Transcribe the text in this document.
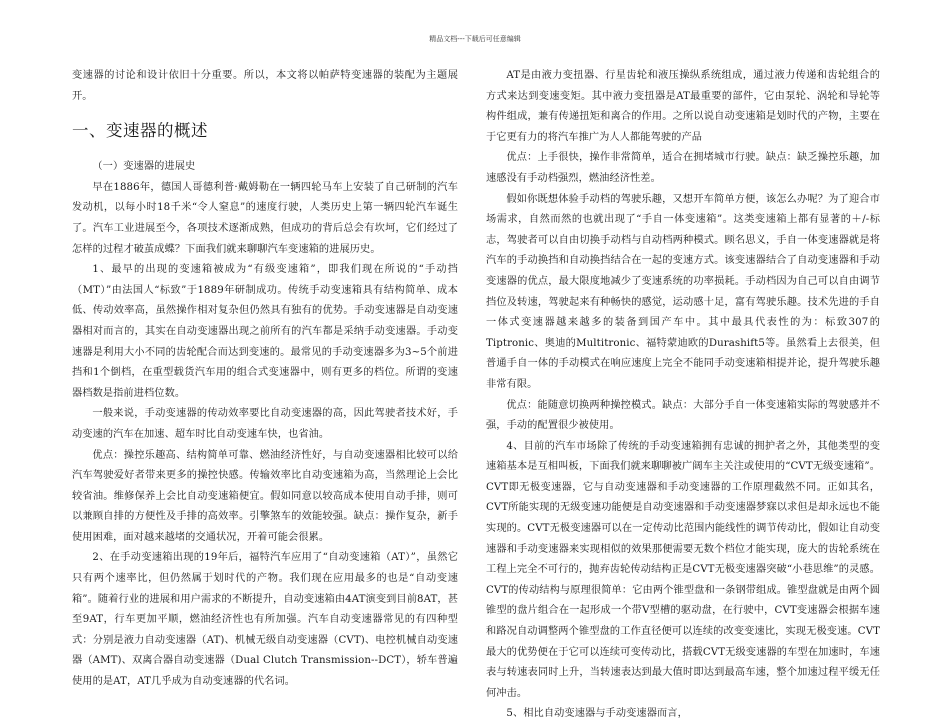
精品文档---下载后可任意编辑

变速器的讨论和设计依旧十分重要。所以，本文将以帕萨特变速器的装配为主题展开。

一、变速器的概述

（一）变速器的进展史

早在1886年，德国人哥德利普·戴姆勒在一辆四轮马车上安装了自己研制的汽车发动机，以每小时18千米“令人窒息”的速度行驶，人类历史上第一辆四轮汽车诞生了。汽车工业进展至今，各项技术逐渐成熟，但成功的背后总会有坎坷，它们经过了怎样的过程才破茧成蝶？下面我们就来聊聊汽车变速箱的进展历史。

1、最早的出现的变速箱被成为“有级变速箱”，即我们现在所说的“手动挡（MT）”由法国人“标致”于1889年研制成功。传统手动变速箱具有结构简单、成本低、传动效率高，虽然操作相对复杂但仍然具有独有的优势。手动变速器是自动变速器相对而言的，其实在自动变速器出现之前所有的汽车都是采纳手动变速器。手动变速器是利用大小不同的齿轮配合而达到变速的。最常见的手动变速器多为3~5个前进挡和1个倒档，在重型载货汽车用的组合式变速器中，则有更多的档位。所谓的变速器档数是指前进档位数。

一般来说，手动变速器的传动效率要比自动变速器的高，因此驾驶者技术好，手动变速的汽车在加速、超车时比自动变速车快，也省油。

优点：操控乐趣高、结构简单可靠、燃油经济性好，与自动变速器相比较可以给汽车驾驶爱好者带来更多的操控快感。传输效率比自动变速箱为高，当然理论上会比较省油。维修保养上会比自动变速箱便宜。假如同意以较高成本使用自动手排，则可以兼顾自排的方便性及手排的高效率。引擎煞车的效能较强。缺点：操作复杂，新手使用困难，面对越来越堵的交通状况，开着可能会很累。

2、在手动变速箱出现的19年后，福特汽车应用了“自动变速箱（AT）”，虽然它只有两个速率比，但仍然属于划时代的产物。我们现在应用最多的也是“自动变速箱”。随着行业的进展和用户需求的不断提升，自动变速箱由4AT演变到目前8AT，甚至9AT，行车更加平顺，燃油经济性也有所加强。汽车自动变速器常见的有四种型式：分别是液力自动变速器（AT)、机械无级自动变速器（CVT)、电控机械自动变速器（AMT)、双离合器自动变速器（Dual Clutch Transmission--DCT），轿车普遍使用的是AT，AT几乎成为自动变速器的代名词。

AT是由液力变扭器、行星齿轮和液压操纵系统组成，通过液力传递和齿轮组合的方式来达到变速变矩。其中液力变扭器是AT最重要的部件，它由泵轮、涡轮和导轮等构件组成，兼有传递扭矩和离合的作用。之所以说自动变速箱是划时代的产物，主要在于它更有力的将汽车推广为人人都能驾驶的产品

优点：上手很快，操作非常简单，适合在拥堵城市行驶。缺点：缺乏操控乐趣，加速感没有手动档强烈，燃油经济性差。

假如你既想体验手动档的驾驶乐趣，又想开车简单方便，该怎么办呢？为了迎合市场需求，自然而然的也就出现了“手自一体变速箱”。这类变速箱上都有显著的＋/-标志，驾驶者可以自由切换手动档与自动档两种模式。顾名思义，手自一体变速器就是将汽车的手动换挡和自动换挡结合在一起的变速方式。该变速器结合了自动变速器和手动变速器的优点，最大限度地减少了变速系统的功率损耗。手动档因为自己可以自由调节挡位及转速，驾驶起来有种畅快的感觉，运动感十足，富有驾驶乐趣。技术先进的手自一体式变速器越来越多的装备到国产车中。其中最具代表性的为：标致307的Tiptronic、奥迪的Multitronic、福特蒙迪欧的Durashift5等。虽然看上去很美，但普通手自一体的手动模式在响应速度上完全不能同手动变速箱相提并论，提升驾驶乐趣非常有限。

优点：能随意切换两种操控模式。缺点：大部分手自一体变速箱实际的驾驶感并不强，手动的配置很少被使用。

4、目前的汽车市场除了传统的手动变速箱拥有忠诚的拥护者之外，其他类型的变速箱基本是互相叫板，下面我们就来聊聊被广阔车主关注或使用的“CVT无级变速箱”。CVT即无极变速器，它与自动变速器和手动变速器的工作原理截然不同。正如其名，CVT所能实现的无级变速功能便是自动变速器和手动变速器梦寐以求但是却永远也不能实现的。CVT无极变速器可以在一定传动比范围内能线性的调节传动比，假如让自动变速器和手动变速器来实现相似的效果那便需要无数个档位才能实现，庞大的齿轮系统在工程上完全不可行的，抛弃齿轮传动结构正是CVT无极变速器突破“小巷思维”的灵感。CVT的传动结构与原理很简单：它由两个锥型盘和一条钢带组成。锥型盘就是由两个圆锥型的盘片组合在一起形成一个带V型槽的驱动盘，在行驶中，CVT变速器会根据车速和路况自动调整两个锥型盘的工作直径便可以连续的改变变速比，实现无极变速。CVT最大的优势便在于它可以连续可变传动比，搭载CVT无级变速器的车型在加速时，车速表与转速表同时上升，当转速表达到最大值时即达到最高车速，整个加速过程平缓无任何冲击。

5、相比自动变速器与手动变速器而言，
